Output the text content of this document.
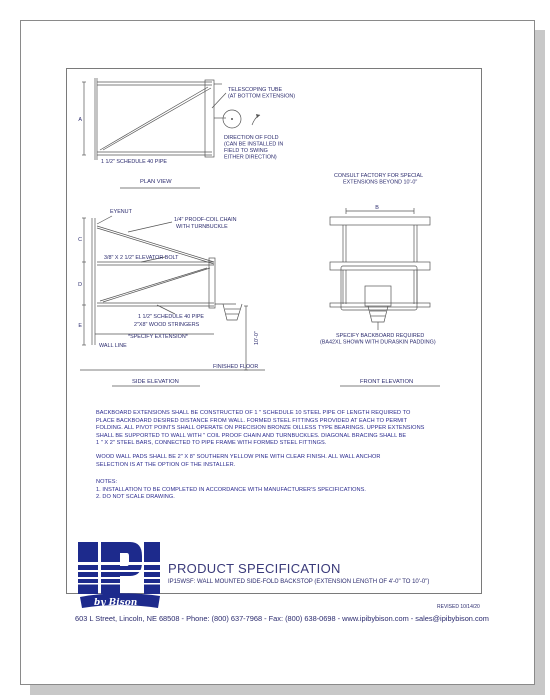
A
TELESCOPING TUBE (AT BOTTOM EXTENSION)
DIRECTION OF FOLD (CAN BE INSTALLED IN FIELD TO SWING EITHER DIRECTION)
1 1/2" SCHEDULE 40 PIPE
PLAN VIEW
C
D
E
EYENUT
1/4" PROOF-COIL CHAIN WITH TURNBUCKLE
3/8" X 2 1/2" ELEVATOR BOLT
1 1/2" SCHEDULE 40 PIPE
2"X8" WOOD STRINGERS
*SPECIFY EXTENSION*
WALL LINE
10'-0"
FINISHED FLOOR
SIDE ELEVATION
CONSULT FACTORY FOR SPECIAL EXTENSIONS BEYOND 10'-0"
B
SPECIFY BACKBOARD REQUIRED (BA42XL SHOWN WITH DURASKIN PADDING)
FRONT ELEVATION

BACKBOARD EXTENSIONS SHALL BE CONSTRUCTED OF 1 " SCHEDULE 10 STEEL PIPE OF LENGTH REQUIRED TO
PLACE BACKBOARD DESIRED DISTANCE FROM WALL. FORMED STEEL FITTINGS PROVIDED AT EACH TO PERMIT
FOLDING. ALL PIVOT POINTS SHALL OPERATE ON PRECISION BRONZE OILLESS TYPE BEARINGS. UPPER EXTENSIONS
SHALL BE SUPPORTED TO WALL WITH " COIL PROOF CHAIN AND TURNBUCKLES. DIAGONAL BRACING SHALL BE
1 " X 2" STEEL BARS, CONNECTED TO PIPE FRAME WITH FORMED STEEL FITTINGS.

WOOD WALL PADS SHALL BE 2" X 8" SOUTHERN YELLOW PINE WITH CLEAR FINISH. ALL WALL ANCHOR
SELECTION IS AT THE OPTION OF THE INSTALLER.

NOTES:
1. INSTALLATION TO BE COMPLETED IN ACCORDANCE WITH MANUFACTURER'S SPECIFICATIONS.
2. DO NOT SCALE DRAWING.

by Bison
PRODUCT SPECIFICATION
IP15WSF: WALL MOUNTED SIDE-FOLD BACKSTOP (EXTENSION LENGTH OF 4'-0" TO 10'-0")
REVISED 10/14/20
603 L Street, Lincoln, NE 68508 - Phone: (800) 637-7968 - Fax: (800) 638-0698 - www.ipibybison.com - sales@ipibybison.com
